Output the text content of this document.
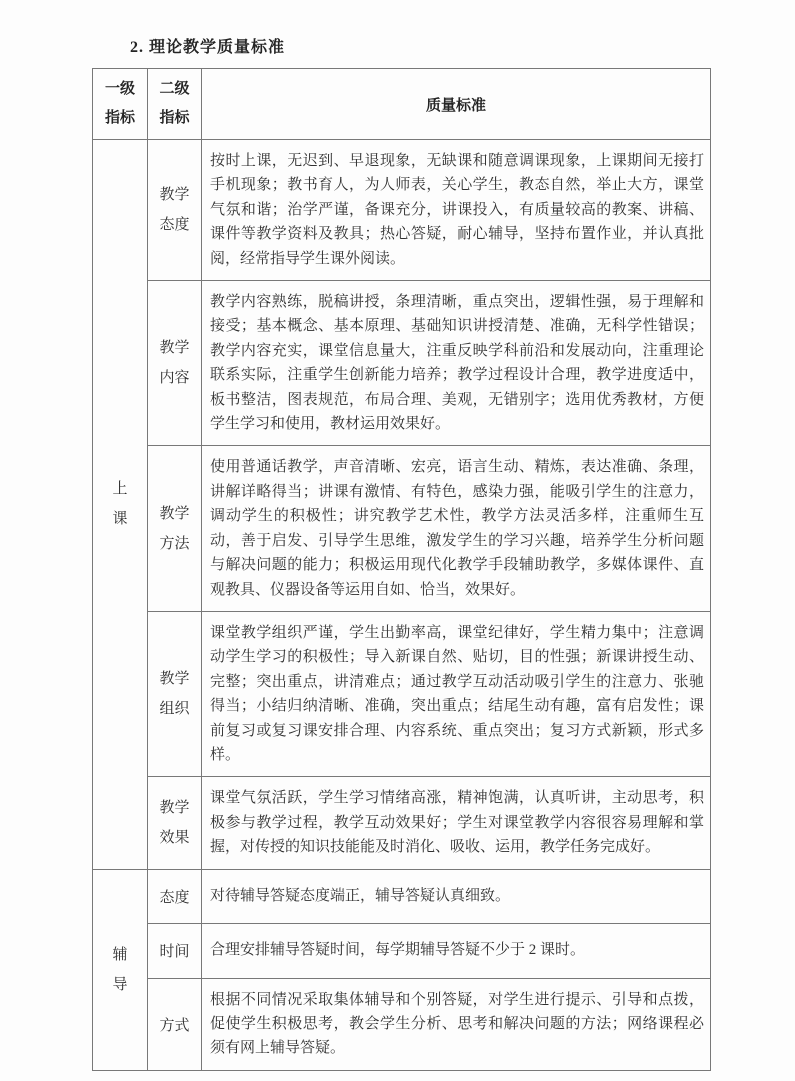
2. 理论教学质量标准

一级指标	二级指标	质量标准
上课	教学态度	按时上课，无迟到、早退现象，无缺课和随意调课现象，上课期间无接打手机现象；教书育人，为人师表，关心学生，教态自然，举止大方，课堂气氛和谐；治学严谨，备课充分，讲课投入，有质量较高的教案、讲稿、课件等教学资料及教具；热心答疑，耐心辅导，坚持布置作业，并认真批阅，经常指导学生课外阅读。
	教学内容	教学内容熟练，脱稿讲授，条理清晰，重点突出，逻辑性强，易于理解和接受；基本概念、基本原理、基础知识讲授清楚、准确，无科学性错误；教学内容充实，课堂信息量大，注重反映学科前沿和发展动向，注重理论联系实际，注重学生创新能力培养；教学过程设计合理，教学进度适中，板书整洁，图表规范，布局合理、美观，无错别字；选用优秀教材，方便学生学习和使用，教材运用效果好。
	教学方法	使用普通话教学，声音清晰、宏亮，语言生动、精炼，表达准确、条理，讲解详略得当；讲课有激情、有特色，感染力强，能吸引学生的注意力，调动学生的积极性；讲究教学艺术性，教学方法灵活多样，注重师生互动，善于启发、引导学生思维，激发学生的学习兴趣，培养学生分析问题与解决问题的能力；积极运用现代化教学手段辅助教学，多媒体课件、直观教具、仪器设备等运用自如、恰当，效果好。
	教学组织	课堂教学组织严谨，学生出勤率高，课堂纪律好，学生精力集中；注意调动学生学习的积极性；导入新课自然、贴切，目的性强；新课讲授生动、完整；突出重点，讲清难点；通过教学互动活动吸引学生的注意力、张驰得当；小结归纳清晰、准确，突出重点；结尾生动有趣，富有启发性；课前复习或复习课安排合理、内容系统、重点突出；复习方式新颖，形式多样。
	教学效果	课堂气氛活跃，学生学习情绪高涨，精神饱满，认真听讲，主动思考，积极参与教学过程，教学互动效果好；学生对课堂教学内容很容易理解和掌握，对传授的知识技能能及时消化、吸收、运用，教学任务完成好。
辅导	态度	对待辅导答疑态度端正，辅导答疑认真细致。
	时间	合理安排辅导答疑时间，每学期辅导答疑不少于 2 课时。
	方式	根据不同情况采取集体辅导和个别答疑，对学生进行提示、引导和点拨，促使学生积极思考，教会学生分析、思考和解决问题的方法；网络课程必须有网上辅导答疑。
